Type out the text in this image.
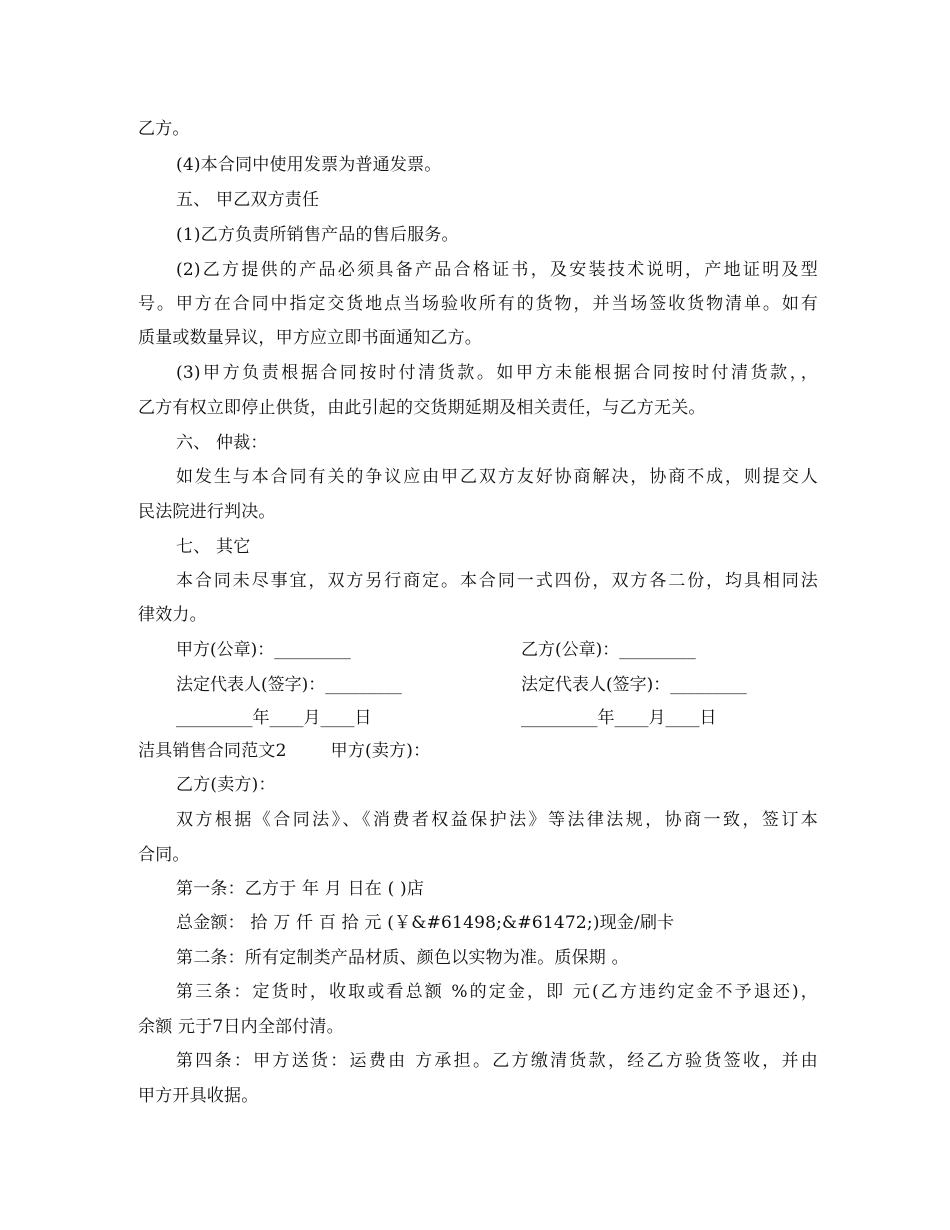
乙方。
(4)本合同中使用发票为普通发票。
五、 甲乙双方责任
(1)乙方负责所销售产品的售后服务。
(2)乙方提供的产品必须具备产品合格证书，及安装技术说明，产地证明及型
号。甲方在合同中指定交货地点当场验收所有的货物，并当场签收货物清单。如有
质量或数量异议，甲方应立即书面通知乙方。
(3)甲方负责根据合同按时付清货款。如甲方未能根据合同按时付清货款，，
乙方有权立即停止供货，由此引起的交货期延期及相关责任，与乙方无关。
六、 仲裁：
如发生与本合同有关的争议应由甲乙双方友好协商解决，协商不成，则提交人
民法院进行判决。
七、 其它
本合同未尽事宜，双方另行商定。本合同一式四份，双方各二份，均具相同法
律效力。
甲方(公章)：_________	乙方(公章)：_________
法定代表人(签字)：_________	法定代表人(签字)：_________
_________年____月____日	_________年____月____日
洁具销售合同范文2	甲方(卖方)：
乙方(卖方)：
双方根据《合同法》、《消费者权益保护法》等法律法规，协商一致，签订本
合同。
第一条：乙方于 年 月 日在 ( )店
总金额： 拾 万 仟 百 拾 元 (￥&#61498;&#61472;)现金/刷卡
第二条：所有定制类产品材质、颜色以实物为准。质保期 。
第三条：定货时，收取或看总额 %的定金，即 元(乙方违约定金不予退还)，
余额 元于7日内全部付清。
第四条：甲方送货：运费由 方承担。乙方缴清货款，经乙方验货签收，并由
甲方开具收据。
